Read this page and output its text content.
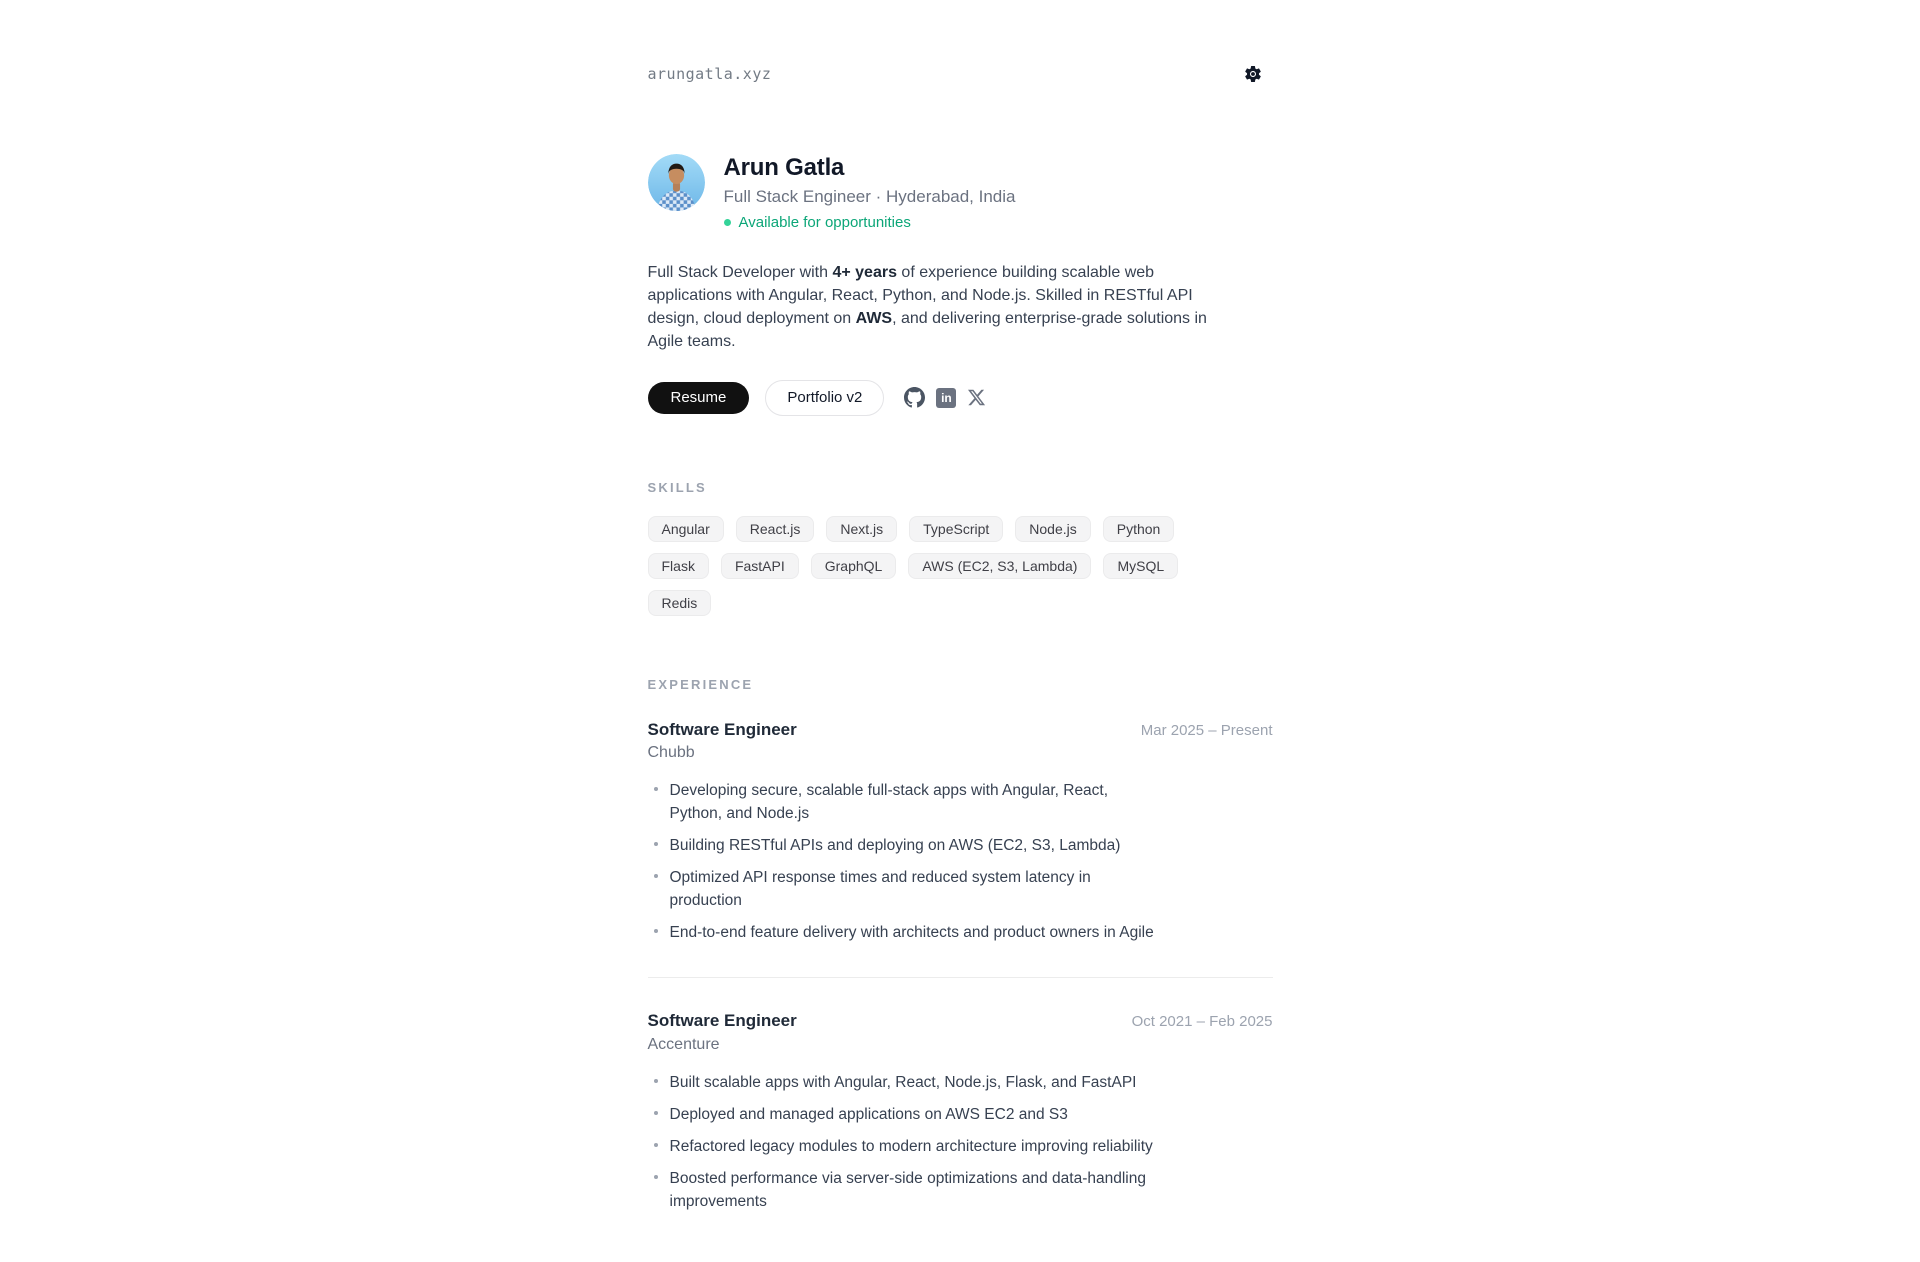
arungatla.xyz
Arun Gatla

Full Stack Engineer · Hyderabad, India

Available for opportunities

Full Stack Developer with 4+ years of experience building scalable web applications with Angular, React, Python, and Node.js. Skilled in RESTful API design, cloud deployment on AWS, and delivering enterprise-grade solutions in Agile teams.

Resume	Portfolio v2	in
SKILLS
Angular	React.js	Next.js	TypeScript	Node.js	Python
Flask	FastAPI	GraphQL	AWS (EC2, S3, Lambda)	MySQL
Redis
EXPERIENCE
Software Engineer

Chubb

Mar 2025 – Present
Developing secure, scalable full-stack apps with Angular, React, Python, and Node.js
Building RESTful APIs and deploying on AWS (EC2, S3, Lambda)
Optimized API response times and reduced system latency in production
End-to-end feature delivery with architects and product owners in Agile
Software Engineer

Accenture

Oct 2021 – Feb 2025
Built scalable apps with Angular, React, Node.js, Flask, and FastAPI
Deployed and managed applications on AWS EC2 and S3
Refactored legacy modules to modern architecture improving reliability
Boosted performance via server-side optimizations and data-handling improvements
